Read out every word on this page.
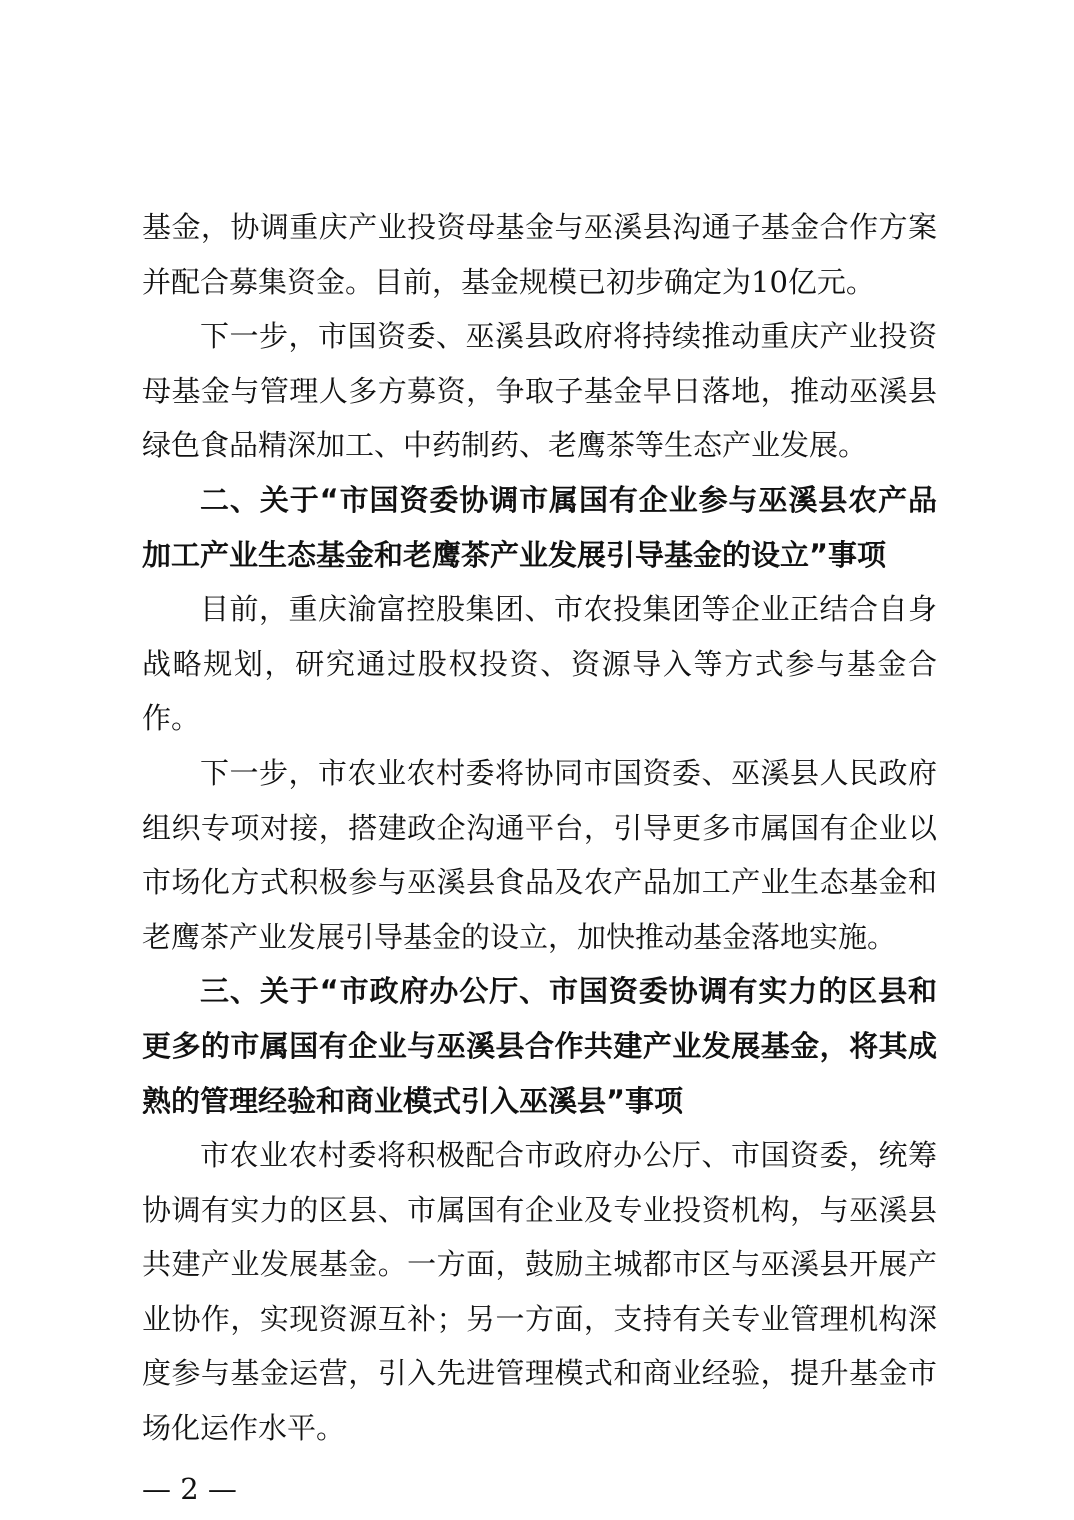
基金，协调重庆产业投资母基金与巫溪县沟通子基金合作方案并配合募集资金。目前，基金规模已初步确定为10亿元。

下一步，市国资委、巫溪县政府将持续推动重庆产业投资母基金与管理人多方募资，争取子基金早日落地，推动巫溪县绿色食品精深加工、中药制药、老鹰茶等生态产业发展。

二、关于“市国资委协调市属国有企业参与巫溪县农产品加工产业生态基金和老鹰茶产业发展引导基金的设立”事项

目前，重庆渝富控股集团、市农投集团等企业正结合自身战略规划，研究通过股权投资、资源导入等方式参与基金合作。

下一步，市农业农村委将协同市国资委、巫溪县人民政府组织专项对接，搭建政企沟通平台，引导更多市属国有企业以市场化方式积极参与巫溪县食品及农产品加工产业生态基金和老鹰茶产业发展引导基金的设立，加快推动基金落地实施。

三、关于“市政府办公厅、市国资委协调有实力的区县和更多的市属国有企业与巫溪县合作共建产业发展基金，将其成熟的管理经验和商业模式引入巫溪县”事项

市农业农村委将积极配合市政府办公厅、市国资委，统筹协调有实力的区县、市属国有企业及专业投资机构，与巫溪县共建产业发展基金。一方面，鼓励主城都市区与巫溪县开展产业协作，实现资源互补；另一方面，支持有关专业管理机构深度参与基金运营，引入先进管理模式和商业经验，提升基金市场化运作水平。

— 2 —
